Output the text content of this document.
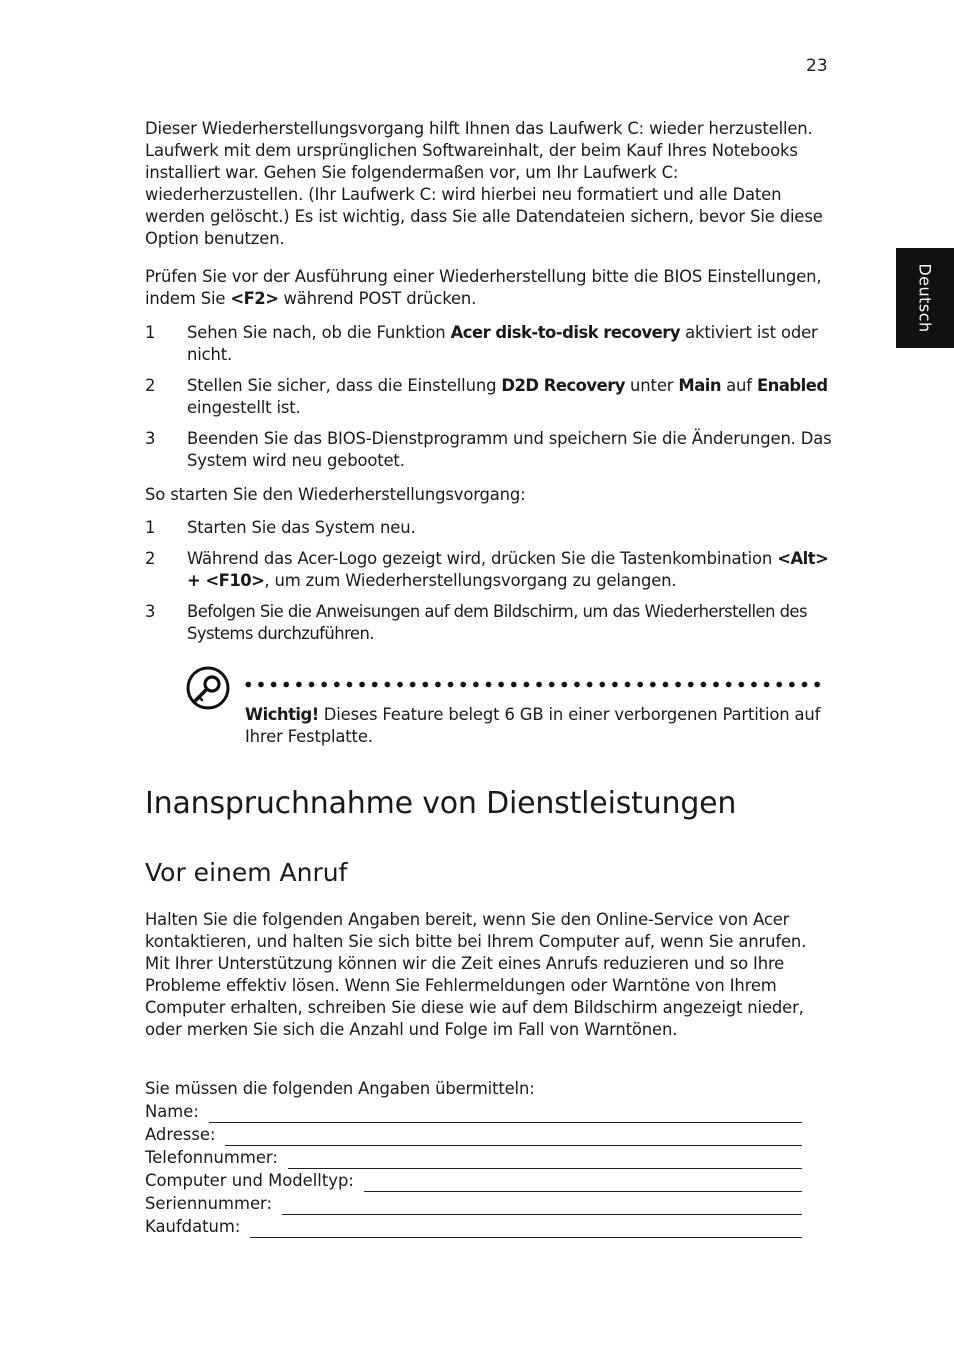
23
Deutsch

Dieser Wiederherstellungsvorgang hilft Ihnen das Laufwerk C: wieder herzustellen. Laufwerk mit dem ursprünglichen Softwareinhalt, der beim Kauf Ihres Notebooks installiert war. Gehen Sie folgendermaßen vor, um Ihr Laufwerk C: wiederherzustellen. (Ihr Laufwerk C: wird hierbei neu formatiert und alle Daten werden gelöscht.) Es ist wichtig, dass Sie alle Datendateien sichern, bevor Sie diese Option benutzen.

Prüfen Sie vor der Ausführung einer Wiederherstellung bitte die BIOS Einstellungen, indem Sie <F2> während POST drücken.

1 Sehen Sie nach, ob die Funktion Acer disk-to-disk recovery aktiviert ist oder nicht.
2 Stellen Sie sicher, dass die Einstellung D2D Recovery unter Main auf Enabled eingestellt ist.
3 Beenden Sie das BIOS-Dienstprogramm und speichern Sie die Änderungen. Das System wird neu gebootet.

So starten Sie den Wiederherstellungsvorgang:

1 Starten Sie das System neu.
2 Während das Acer-Logo gezeigt wird, drücken Sie die Tastenkombination <Alt> + <F10>, um zum Wiederherstellungsvorgang zu gelangen.
3 Befolgen Sie die Anweisungen auf dem Bildschirm, um das Wiederherstellen des Systems durchzuführen.
Wichtig! Dieses Feature belegt 6 GB in einer verborgenen Partition auf Ihrer Festplatte.
Inanspruchnahme von Dienstleistungen
Vor einem Anruf

Halten Sie die folgenden Angaben bereit, wenn Sie den Online-Service von Acer kontaktieren, und halten Sie sich bitte bei Ihrem Computer auf, wenn Sie anrufen. Mit Ihrer Unterstützung können wir die Zeit eines Anrufs reduzieren und so Ihre Probleme effektiv lösen. Wenn Sie Fehlermeldungen oder Warntöne von Ihrem Computer erhalten, schreiben Sie diese wie auf dem Bildschirm angezeigt nieder, oder merken Sie sich die Anzahl und Folge im Fall von Warntönen.

Sie müssen die folgenden Angaben übermitteln:

Name:
Adresse:
Telefonnummer:
Computer und Modelltyp:
Seriennummer:
Kaufdatum:
